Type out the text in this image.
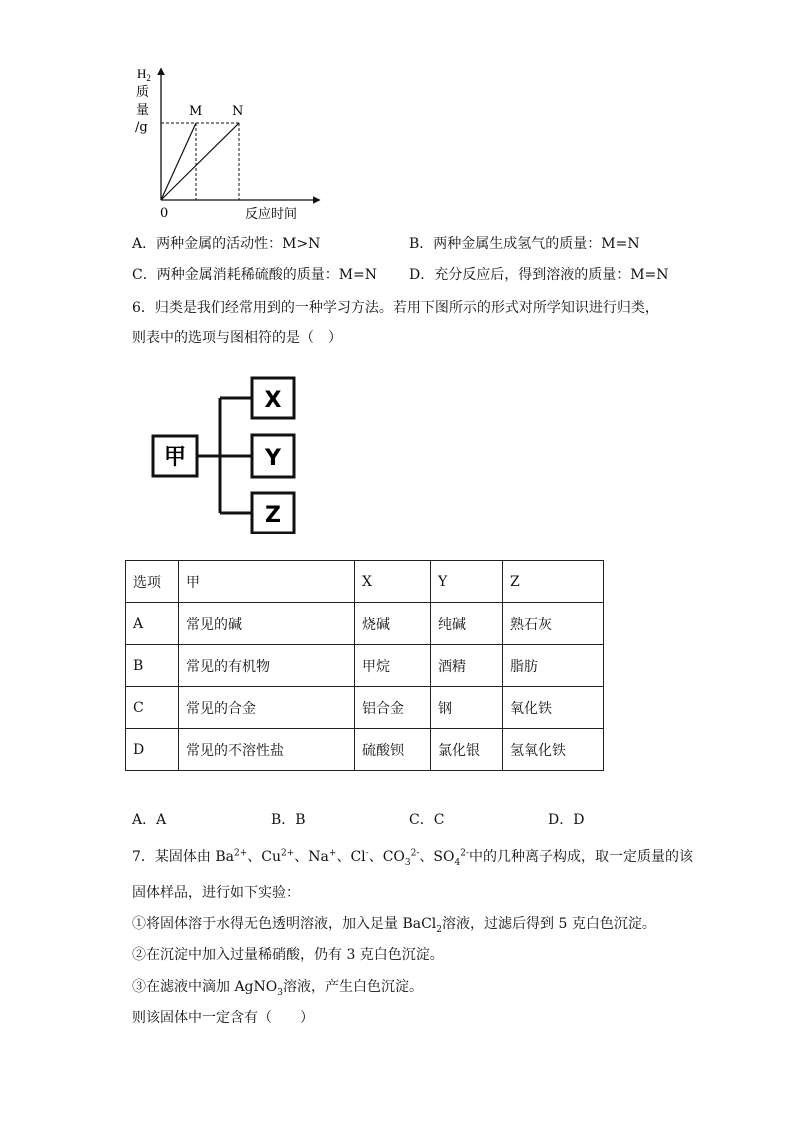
$H_2$
质
量
/g
0	反应时间
M N
A．两种金属的活动性：M>N	B．两种金属生成氢气的质量：M=N
C．两种金属消耗稀硫酸的质量：M=N D．充分反应后，得到溶液的质量：M=N
6．归类是我们经常用到的一种学习方法。若用下图所示的形式对所学知识进行归类，
则表中的选项与图相符的是（　）
甲
X
Y
Z
选项	甲	X	Y	Z
A	常见的碱	烧碱	纯碱	熟石灰
B	常见的有机物	甲烷	酒精	脂肪
C	常见的合金	铝合金	钢	氧化铁
D	常见的不溶性盐	硫酸钡	氯化银	氢氧化铁
A．A	B．B	C．C	D．D
7．某固体由 $Ba^{2+}$、$Cu^{2+}$、Na+、Cl-、$CO_3^{2-}$、$SO_4^{2-}$中的几种离子构成，取一定质量的该
固体样品，进行如下实验：
①将固体溶于水得无色透明溶液，加入足量 BaCl$_2$溶液，过滤后得到 5 克白色沉淀。
②在沉淀中加入过量稀硝酸，仍有 3 克白色沉淀。
③在滤液中滴加 AgNO$_3$溶液，产生白色沉淀。
则该固体中一定含有（　　）
